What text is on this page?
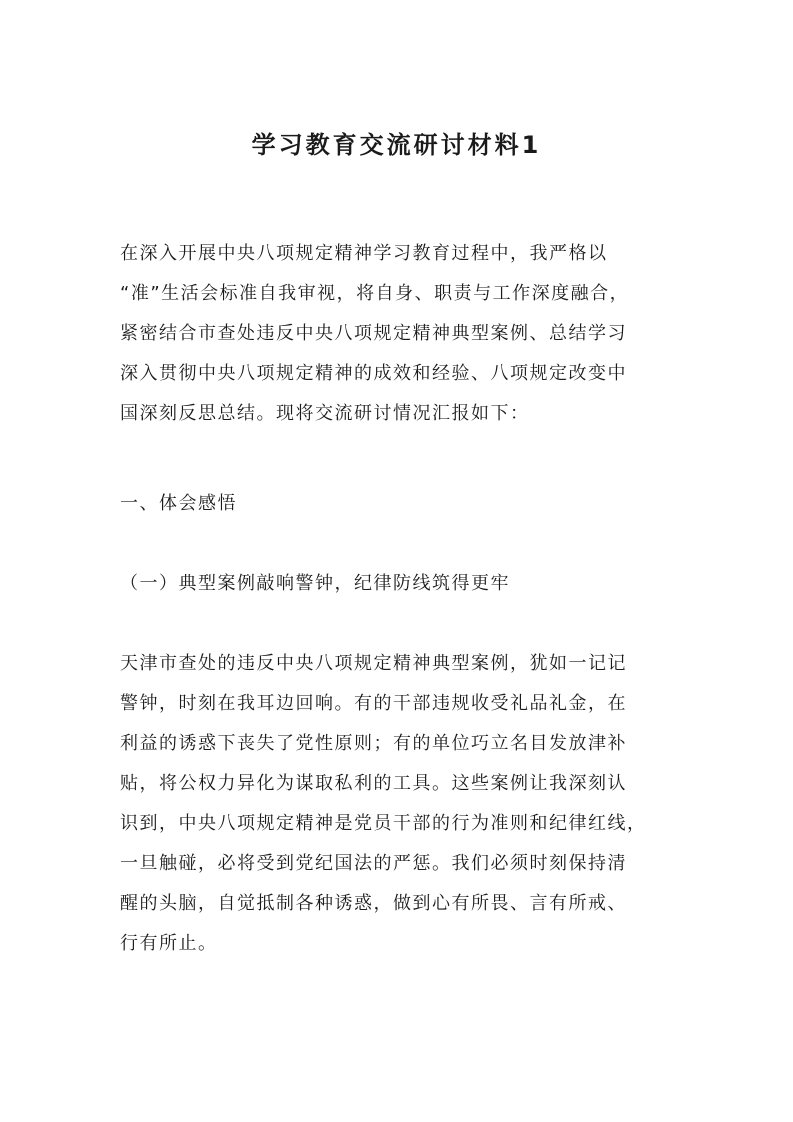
学习教育交流研讨材料1
在深入开展中央八项规定精神学习教育过程中，我严格以
“准”生活会标准自我审视，将自身、职责与工作深度融合，
紧密结合市查处违反中央八项规定精神典型案例、总结学习
深入贯彻中央八项规定精神的成效和经验、八项规定改变中
国深刻反思总结。现将交流研讨情况汇报如下：
一、体会感悟
（一）典型案例敲响警钟，纪律防线筑得更牢
天津市查处的违反中央八项规定精神典型案例，犹如一记记
警钟，时刻在我耳边回响。有的干部违规收受礼品礼金，在
利益的诱惑下丧失了党性原则；有的单位巧立名目发放津补
贴，将公权力异化为谋取私利的工具。这些案例让我深刻认
识到，中央八项规定精神是党员干部的行为准则和纪律红线，
一旦触碰，必将受到党纪国法的严惩。我们必须时刻保持清
醒的头脑，自觉抵制各种诱惑，做到心有所畏、言有所戒、
行有所止。
